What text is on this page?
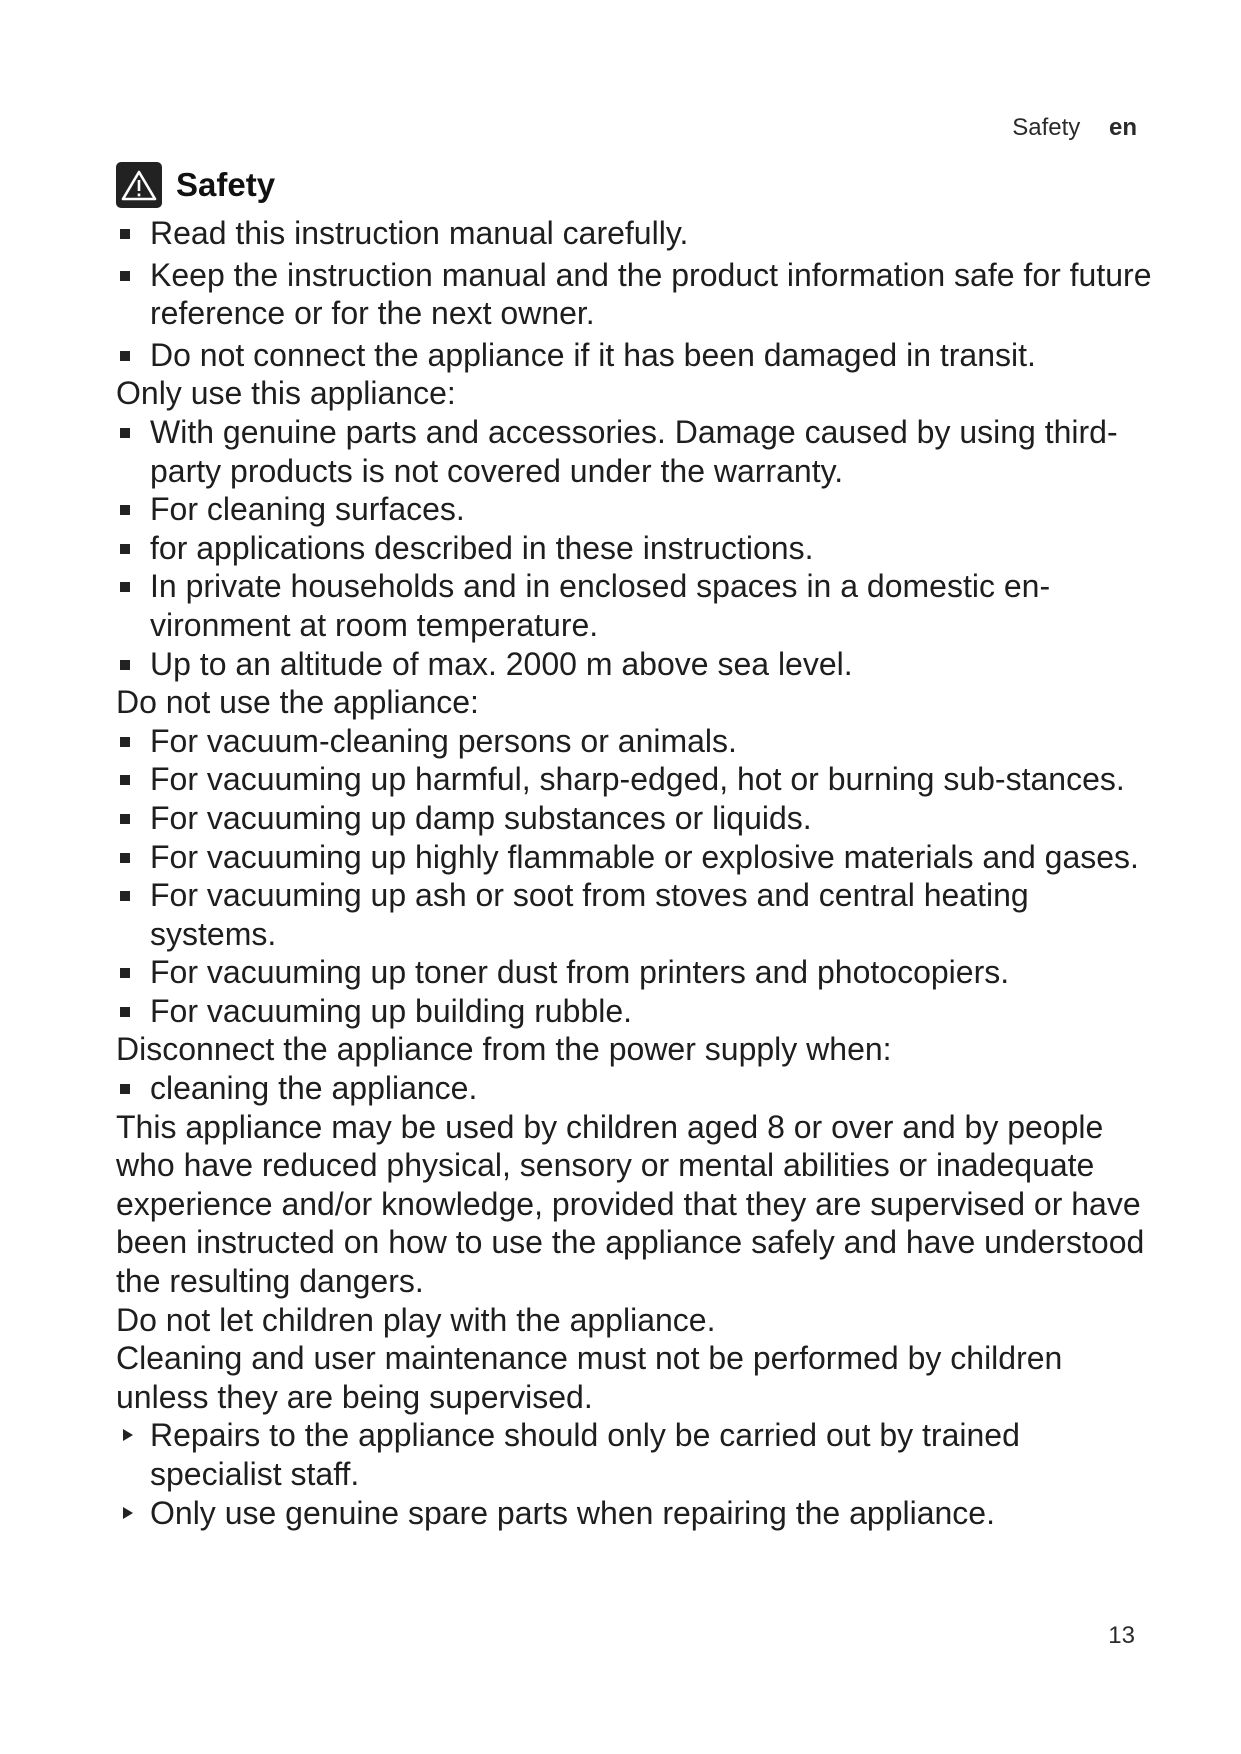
Safety en
Safety

Read this instruction manual carefully.

Keep the instruction manual and the product information safe for future reference or for the next owner.

Do not connect the appliance if it has been damaged in transit.

Only use this appliance:

With genuine parts and accessories. Damage caused by using third-party products is not covered under the warranty.

For cleaning surfaces.

for applications described in these instructions.

In private households and in enclosed spaces in a domestic en-vironment at room temperature.

Up to an altitude of max. 2000 m above sea level.

Do not use the appliance:

For vacuum-cleaning persons or animals.

For vacuuming up harmful, sharp-edged, hot or burning sub-stances.

For vacuuming up damp substances or liquids.

For vacuuming up highly flammable or explosive materials and gases.

For vacuuming up ash or soot from stoves and central heating systems.

For vacuuming up toner dust from printers and photocopiers.

For vacuuming up building rubble.

Disconnect the appliance from the power supply when:

cleaning the appliance.

This appliance may be used by children aged 8 or over and by people who have reduced physical, sensory or mental abilities or inadequate experience and/or knowledge, provided that they are supervised or have been instructed on how to use the appliance safely and have understood the resulting dangers.

Do not let children play with the appliance.

Cleaning and user maintenance must not be performed by children unless they are being supervised.

Repairs to the appliance should only be carried out by trained specialist staff.

Only use genuine spare parts when repairing the appliance.

13
